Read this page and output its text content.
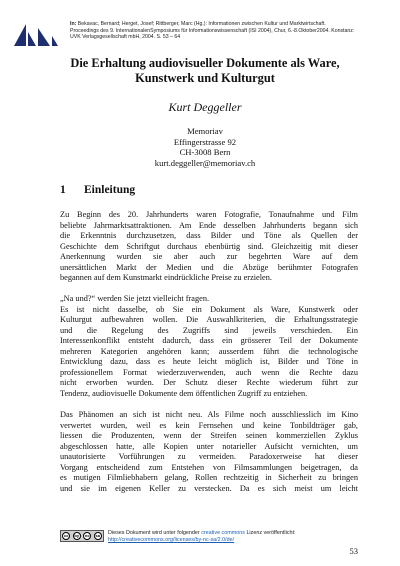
In: Bekavac, Bernard; Herget, Josef; Rittberger, Marc (Hg.): Informationen zwischen Kultur und Marktwirtschaft.
Proceedings des 9. InternationalenSymposiums für Informationswissenschaft (ISI 2004), Chur, 6.-8.Oktober2004. Konstanz:
UVK Verlagsgesellschaft mbH, 2004. S. 53 – 64
Die Erhaltung audiovisueller Dokumente als Ware,
Kunstwerk und Kulturgut
Kurt Deggeller
Memoriav
Effingerstrasse 92
CH-3008 Bern
kurt.deggeller@memoriav.ch
1 Einleitung
Zu Beginn des 20. Jahrhunderts waren Fotografie, Tonaufnahme und Film
beliebte Jahrmarktsattraktionen. Am Ende desselben Jahrhunderts begann sich
die Erkenntnis durchzusetzen, dass Bilder und Töne als Quellen der
Geschichte dem Schriftgut durchaus ebenbürtig sind. Gleichzeitig mit dieser
Anerkennung wurden sie aber auch zur begehrten Ware auf dem
unersättlichen Markt der Medien und die Abzüge berühmter Fotografen
begannen auf dem Kunstmarkt eindrückliche Preise zu erzielen.
„Na und?“ werden Sie jetzt vielleicht fragen.
Es ist nicht dasselbe, ob Sie ein Dokument als Ware, Kunstwerk oder
Kulturgut aufbewahren wollen. Die Auswahlkriterien, die Erhaltungsstrategie
und die Regelung des Zugriffs sind jeweils verschieden. Ein
Interessenkonflikt entsteht dadurch, dass ein grösserer Teil der Dokumente
mehreren Kategorien angehören kann; ausserdem führt die technologische
Entwicklung dazu, dass es heute leicht möglich ist, Bilder und Töne in
professionellem Format wiederzuverwenden, auch wenn die Rechte dazu
nicht erworben wurden. Der Schutz dieser Rechte wiederum führt zur
Tendenz, audiovisuelle Dokumente dem öffentlichen Zugriff zu entziehen.
Das Phänomen an sich ist nicht neu. Als Filme noch ausschliesslich im Kino
verwertet wurden, weil es kein Fernsehen und keine Tonbildträger gab,
liessen die Produzenten, wenn der Streifen seinen kommerziellen Zyklus
abgeschlossen hatte, alle Kopien unter notarieller Aufsicht vernichten, um
unautorisierte Vorführungen zu vermeiden. Paradoxerweise hat dieser
Vorgang entscheidend zum Entstehen von Filmsammlungen beigetragen, da
es mutigen Filmliebhabern gelang, Rollen rechtzeitig in Sicherheit zu bringen
und sie im eigenen Keller zu verstecken. Da es sich meist um leicht
cc	by	nc	sa	Dieses Dokument wird unter folgender creative commons Lizenz veröffentlicht:
http://creativecommons.org/licenses/by-nc-sa/2.0/de/
53
